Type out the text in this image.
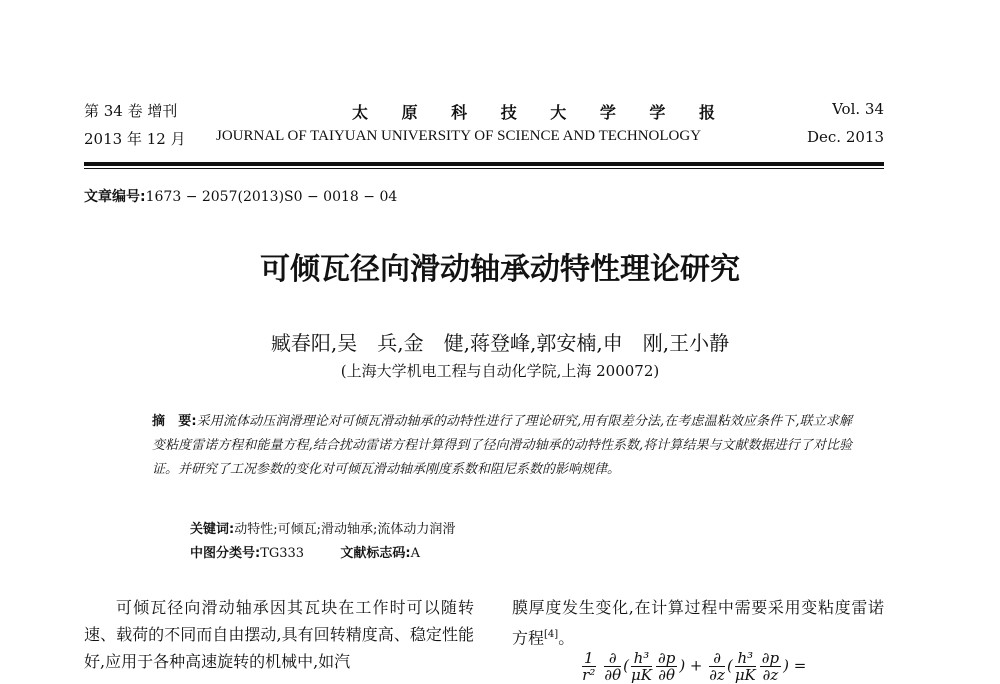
第 34 卷 增刊
2013 年 12 月
太 原 科 技 大 学 学 报
JOURNAL OF TAIYUAN UNIVERSITY OF SCIENCE AND TECHNOLOGY
Vol. 34
Dec. 2013
文章编号:1673 − 2057(2013)S0 − 0018 − 04
可倾瓦径向滑动轴承动特性理论研究
臧春阳,吴　兵,金　健,蒋登峰,郭安楠,申　刚,王小静
(上海大学机电工程与自动化学院,上海 200072)
摘　要:采用流体动压润滑理论对可倾瓦滑动轴承的动特性进行了理论研究,用有限差分法,在考虑温粘效应条件下,联立求解变粘度雷诺方程和能量方程,结合扰动雷诺方程计算得到了径向滑动轴承的动特性系数,将计算结果与文献数据进行了对比验证。并研究了工况参数的变化对可倾瓦滑动轴承刚度系数和阻尼系数的影响规律。
关键词:动特性;可倾瓦;滑动轴承;流体动力润滑
中图分类号:TG333	文献标志码:A
可倾瓦径向滑动轴承因其瓦块在工作时可以随转速、载荷的不同而自由摆动,具有回转精度高、稳定性能好,应用于各种高速旋转的机械中,如汽
膜厚度发生变化,在计算过程中需要采用变粘度雷诺方程[4]。
$\frac{1}{\text{r²}}$
$\frac{\partial}{\partial\theta}$ ( $\frac{\text{h³}}{\mu K} \frac{\partial p}{\partial\theta}$ ) + $\frac{\partial}{\partial z}$ ( $\frac{\text{h³}}{\mu K} \frac{\partial p}{\partial z}$ ) =
